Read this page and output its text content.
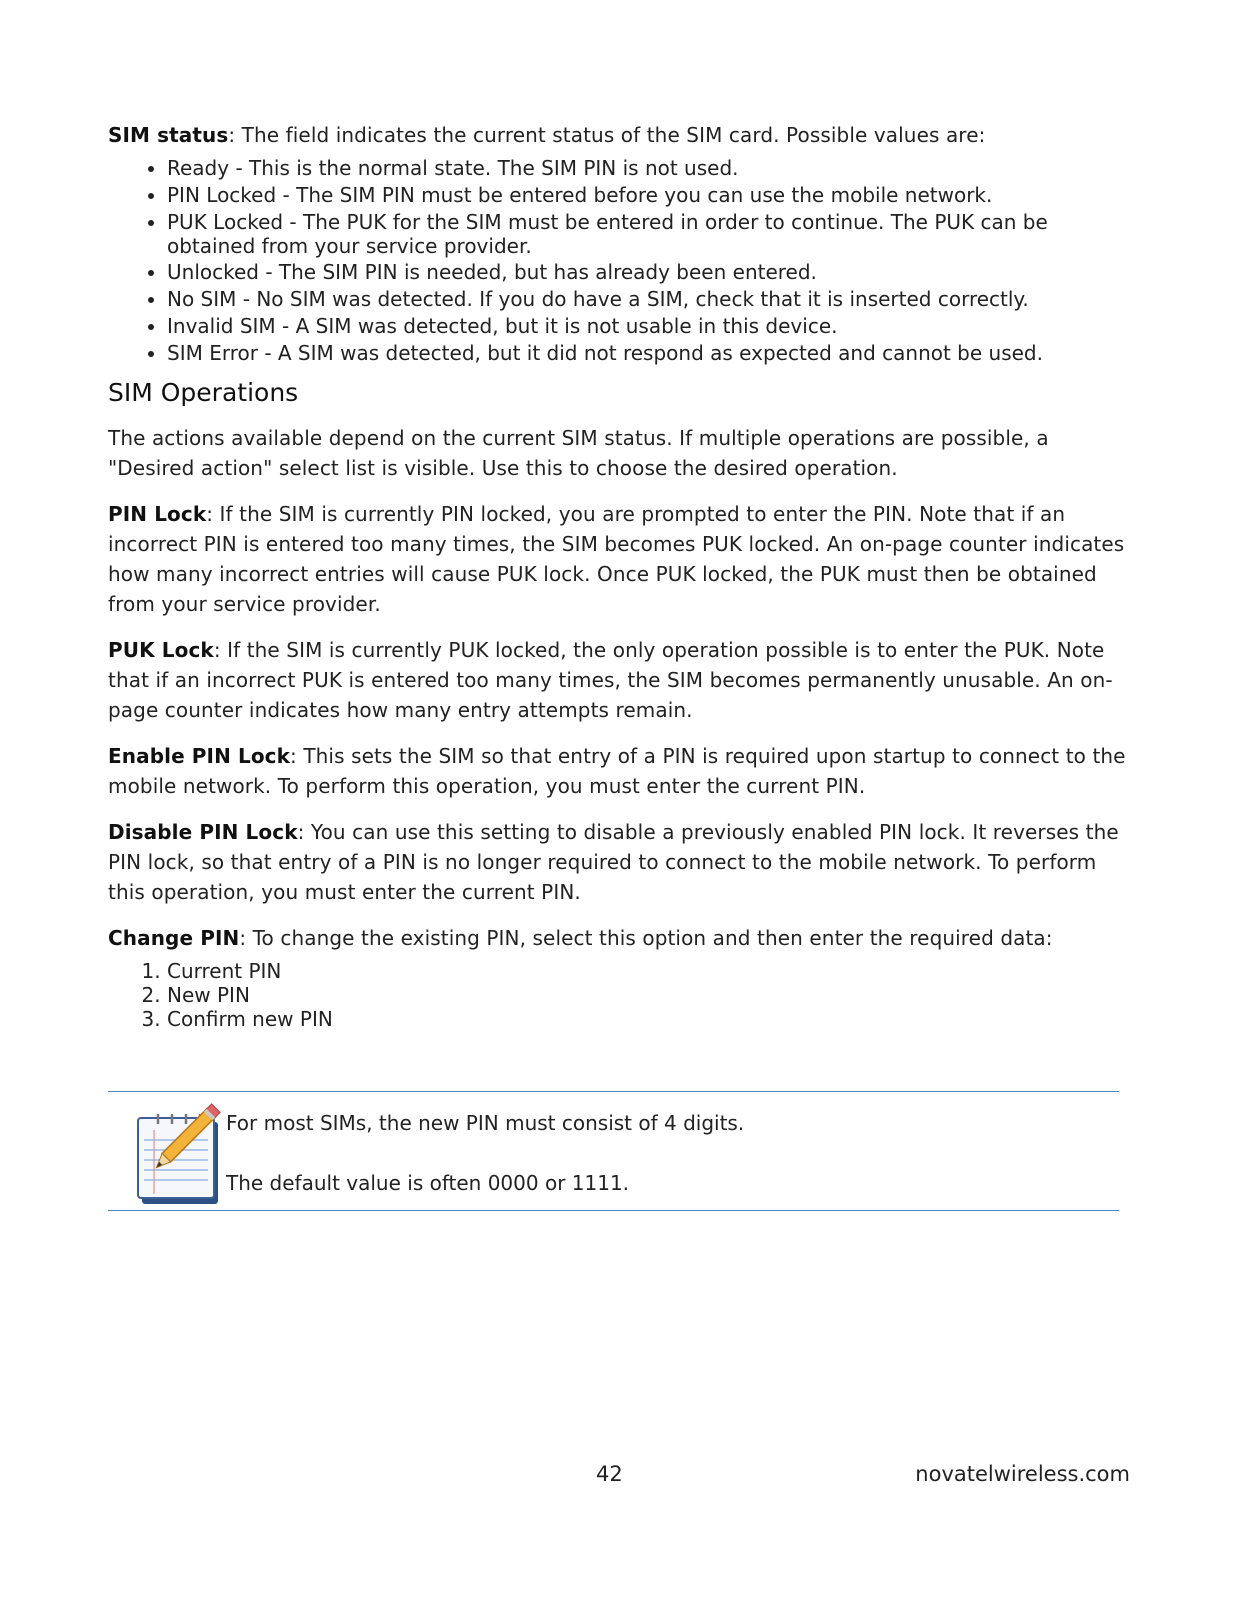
SIM status: The field indicates the current status of the SIM card. Possible values are:

• Ready - This is the normal state. The SIM PIN is not used.
• PIN Locked - The SIM PIN must be entered before you can use the mobile network.
• PUK Locked - The PUK for the SIM must be entered in order to continue. The PUK can be obtained from your service provider.
• Unlocked - The SIM PIN is needed, but has already been entered.
• No SIM - No SIM was detected. If you do have a SIM, check that it is inserted correctly.
• Invalid SIM - A SIM was detected, but it is not usable in this device.
• SIM Error - A SIM was detected, but it did not respond as expected and cannot be used.
SIM Operations

The actions available depend on the current SIM status. If multiple operations are possible, a "Desired action" select list is visible. Use this to choose the desired operation.

PIN Lock: If the SIM is currently PIN locked, you are prompted to enter the PIN. Note that if an incorrect PIN is entered too many times, the SIM becomes PUK locked. An on-page counter indicates how many incorrect entries will cause PUK lock. Once PUK locked, the PUK must then be obtained from your service provider.

PUK Lock: If the SIM is currently PUK locked, the only operation possible is to enter the PUK. Note that if an incorrect PUK is entered too many times, the SIM becomes permanently unusable. An on-page counter indicates how many entry attempts remain.

Enable PIN Lock: This sets the SIM so that entry of a PIN is required upon startup to connect to the mobile network. To perform this operation, you must enter the current PIN.

Disable PIN Lock: You can use this setting to disable a previously enabled PIN lock. It reverses the PIN lock, so that entry of a PIN is no longer required to connect to the mobile network. To perform this operation, you must enter the current PIN.

Change PIN: To change the existing PIN, select this option and then enter the required data:

1. Current PIN
2. New PIN
3. Confirm new PIN

For most SIMs, the new PIN must consist of 4 digits.

The default value is often 0000 or 1111.

42	novatelwireless.com
